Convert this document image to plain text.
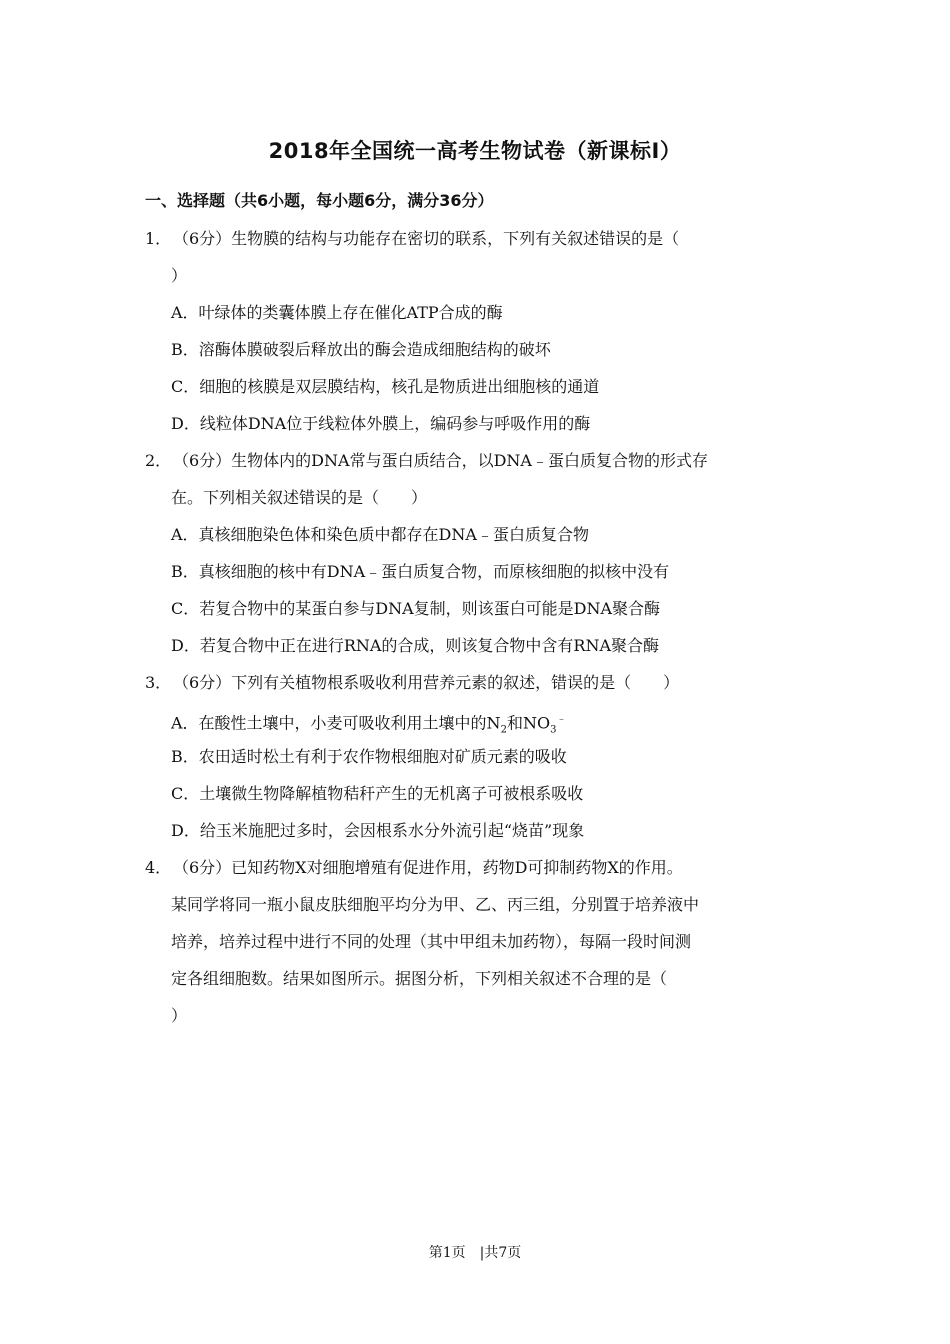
2018年全国统一高考生物试卷（新课标Ⅰ）
一、选择题（共6小题，每小题6分，满分36分）
1． （6分）生物膜的结构与功能存在密切的联系，下列有关叙述错误的是（
）
A．叶绿体的类囊体膜上存在催化ATP合成的酶
B．溶酶体膜破裂后释放出的酶会造成细胞结构的破坏
C．细胞的核膜是双层膜结构，核孔是物质进出细胞核的通道
D．线粒体DNA位于线粒体外膜上，编码参与呼吸作用的酶
2． （6分）生物体内的DNA常与蛋白质结合，以DNA﹣蛋白质复合物的形式存
在。下列相关叙述错误的是（　　）
A．真核细胞染色体和染色质中都存在DNA﹣蛋白质复合物
B．真核细胞的核中有DNA﹣蛋白质复合物，而原核细胞的拟核中没有
C．若复合物中的某蛋白参与DNA复制，则该蛋白可能是DNA聚合酶
D．若复合物中正在进行RNA的合成，则该复合物中含有RNA聚合酶
3． （6分）下列有关植物根系吸收利用营养元素的叙述，错误的是（　　）
A．在酸性土壤中，小麦可吸收利用土壤中的$N_2$和$NO_3^﹣$
B．农田适时松土有利于农作物根细胞对矿质元素的吸收
C．土壤微生物降解植物秸秆产生的无机离子可被根系吸收
D．给玉米施肥过多时，会因根系水分外流引起“烧苗”现象
4． （6分）已知药物X对细胞增殖有促进作用，药物D可抑制药物X的作用。
某同学将同一瓶小鼠皮肤细胞平均分为甲、乙、丙三组，分别置于培养液中
培养，培养过程中进行不同的处理（其中甲组未加药物），每隔一段时间测
定各组细胞数。结果如图所示。据图分析，下列相关叙述不合理的是（
）
第1页　|共7页
